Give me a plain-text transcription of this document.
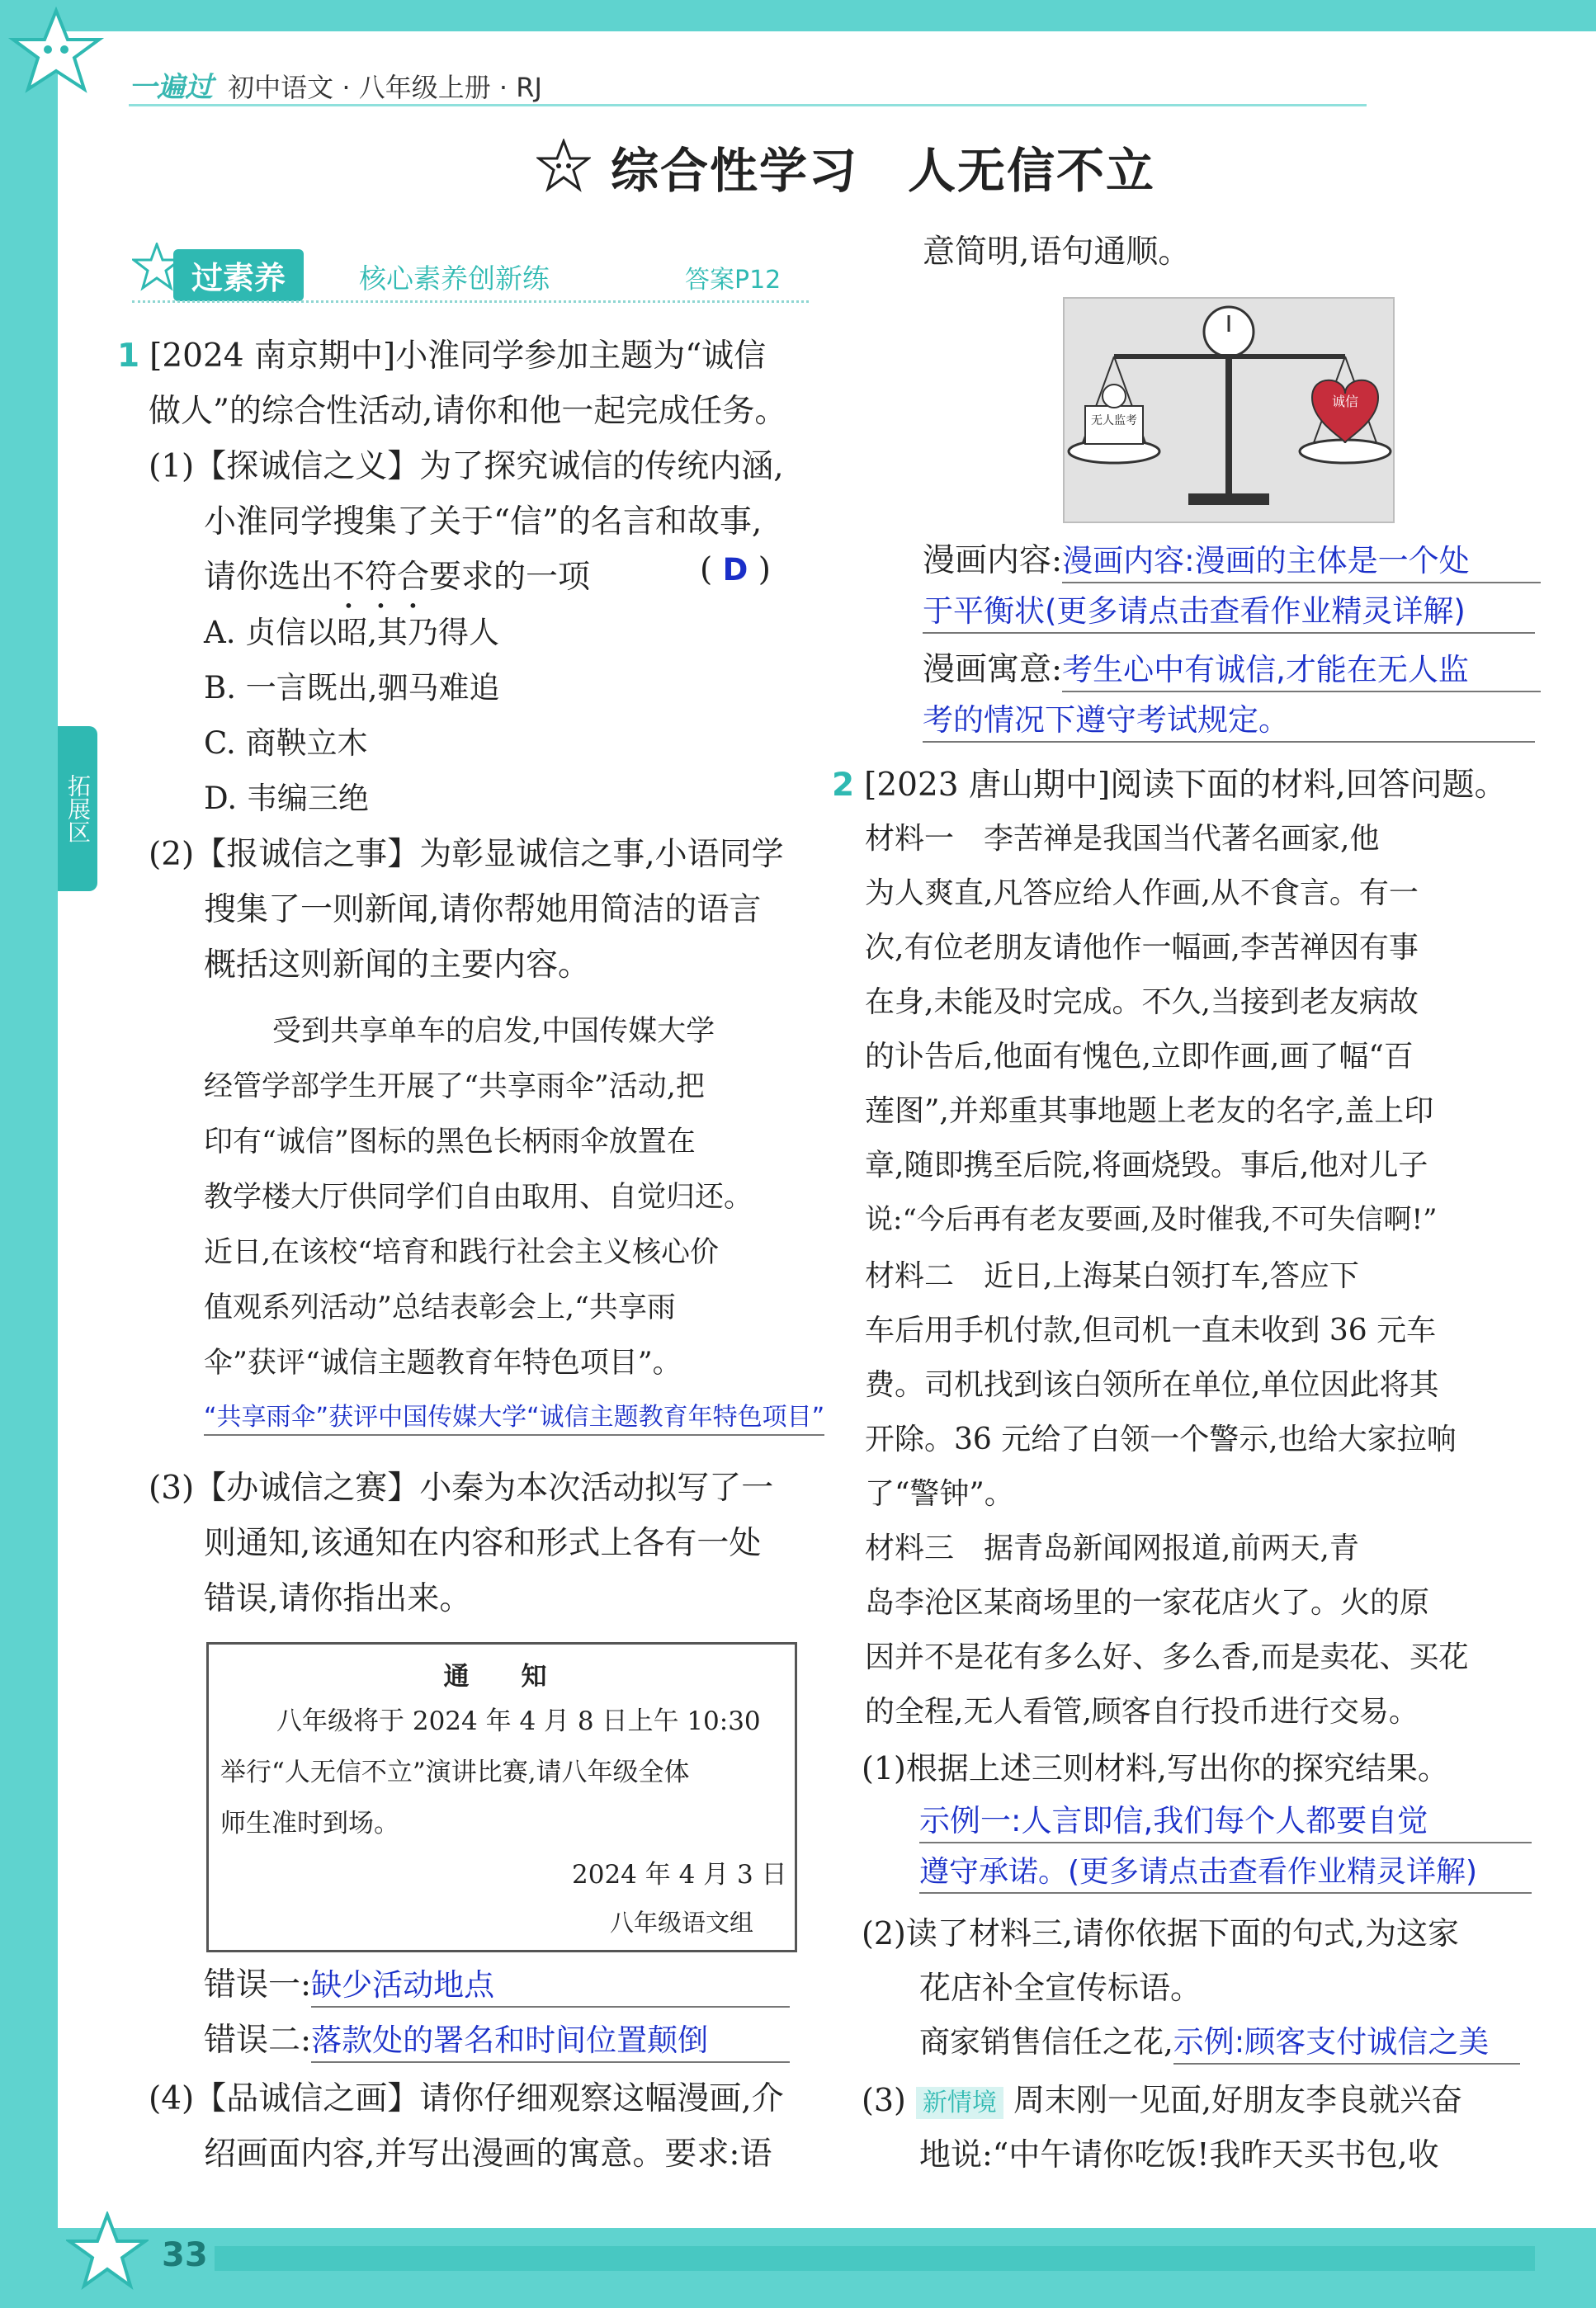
一遍过 初中语文 · 八年级上册 · RJ
综合性学习　人无信不立
过素养	核心素养创新练	答案P12
1 [2024 南京期中]小淮同学参加主题为“诚信
做人”的综合性活动,请你和他一起完成任务。
(1)【探诚信之义】为了探究诚信的传统内涵,
小淮同学搜集了关于“信”的名言和故事,
请你选出不符合要求的一项	( D )
A. 贞信以昭,其乃得人
B. 一言既出,驷马难追
C. 商鞅立木
D. 韦编三绝
(2)【报诚信之事】为彰显诚信之事,小语同学
搜集了一则新闻,请你帮她用简洁的语言
概括这则新闻的主要内容。
受到共享单车的启发,中国传媒大学
经管学部学生开展了“共享雨伞”活动,把
印有“诚信”图标的黑色长柄雨伞放置在
教学楼大厅供同学们自由取用、自觉归还。
近日,在该校“培育和践行社会主义核心价
值观系列活动”总结表彰会上,“共享雨
伞”获评“诚信主题教育年特色项目”。
“共享雨伞”获评中国传媒大学“诚信主题教育年特色项目”
(3)【办诚信之赛】小秦为本次活动拟写了一
则通知,该通知在内容和形式上各有一处
错误,请你指出来。
通　知
八年级将于 2024 年 4 月 8 日上午 10:30
举行“人无信不立”演讲比赛,请八年级全体
师生准时到场。
2024 年 4 月 3 日
八年级语文组
错误一:缺少活动地点
错误二:落款处的署名和时间位置颠倒
(4)【品诚信之画】请你仔细观察这幅漫画,介
绍画面内容,并写出漫画的寓意。要求:语
意简明,语句通顺。
无人监考
诚信
漫画内容:漫画内容:漫画的主体是一个处
于平衡状(更多请点击查看作业精灵详解)
漫画寓意:考生心中有诚信,才能在无人监
考的情况下遵守考试规定。
2 [2023 唐山期中]阅读下面的材料,回答问题。
材料一　李苦禅是我国当代著名画家,他
为人爽直,凡答应给人作画,从不食言。有一
次,有位老朋友请他作一幅画,李苦禅因有事
在身,未能及时完成。不久,当接到老友病故
的讣告后,他面有愧色,立即作画,画了幅“百
莲图”,并郑重其事地题上老友的名字,盖上印
章,随即携至后院,将画烧毁。事后,他对儿子
说:“今后再有老友要画,及时催我,不可失信啊!”
材料二　近日,上海某白领打车,答应下
车后用手机付款,但司机一直未收到 36 元车
费。司机找到该白领所在单位,单位因此将其
开除。36 元给了白领一个警示,也给大家拉响
了“警钟”。
材料三　据青岛新闻网报道,前两天,青
岛李沧区某商场里的一家花店火了。火的原
因并不是花有多么好、多么香,而是卖花、买花
的全程,无人看管,顾客自行投币进行交易。
(1)根据上述三则材料,写出你的探究结果。
示例一:人言即信,我们每个人都要自觉
遵守承诺。(更多请点击查看作业精灵详解)
(2)读了材料三,请你依据下面的句式,为这家
花店补全宣传标语。
商家销售信任之花,示例:顾客支付诚信之美
(3) 新情境 周末刚一见面,好朋友李良就兴奋
地说:“中午请你吃饭!我昨天买书包,收
拓展区
33
